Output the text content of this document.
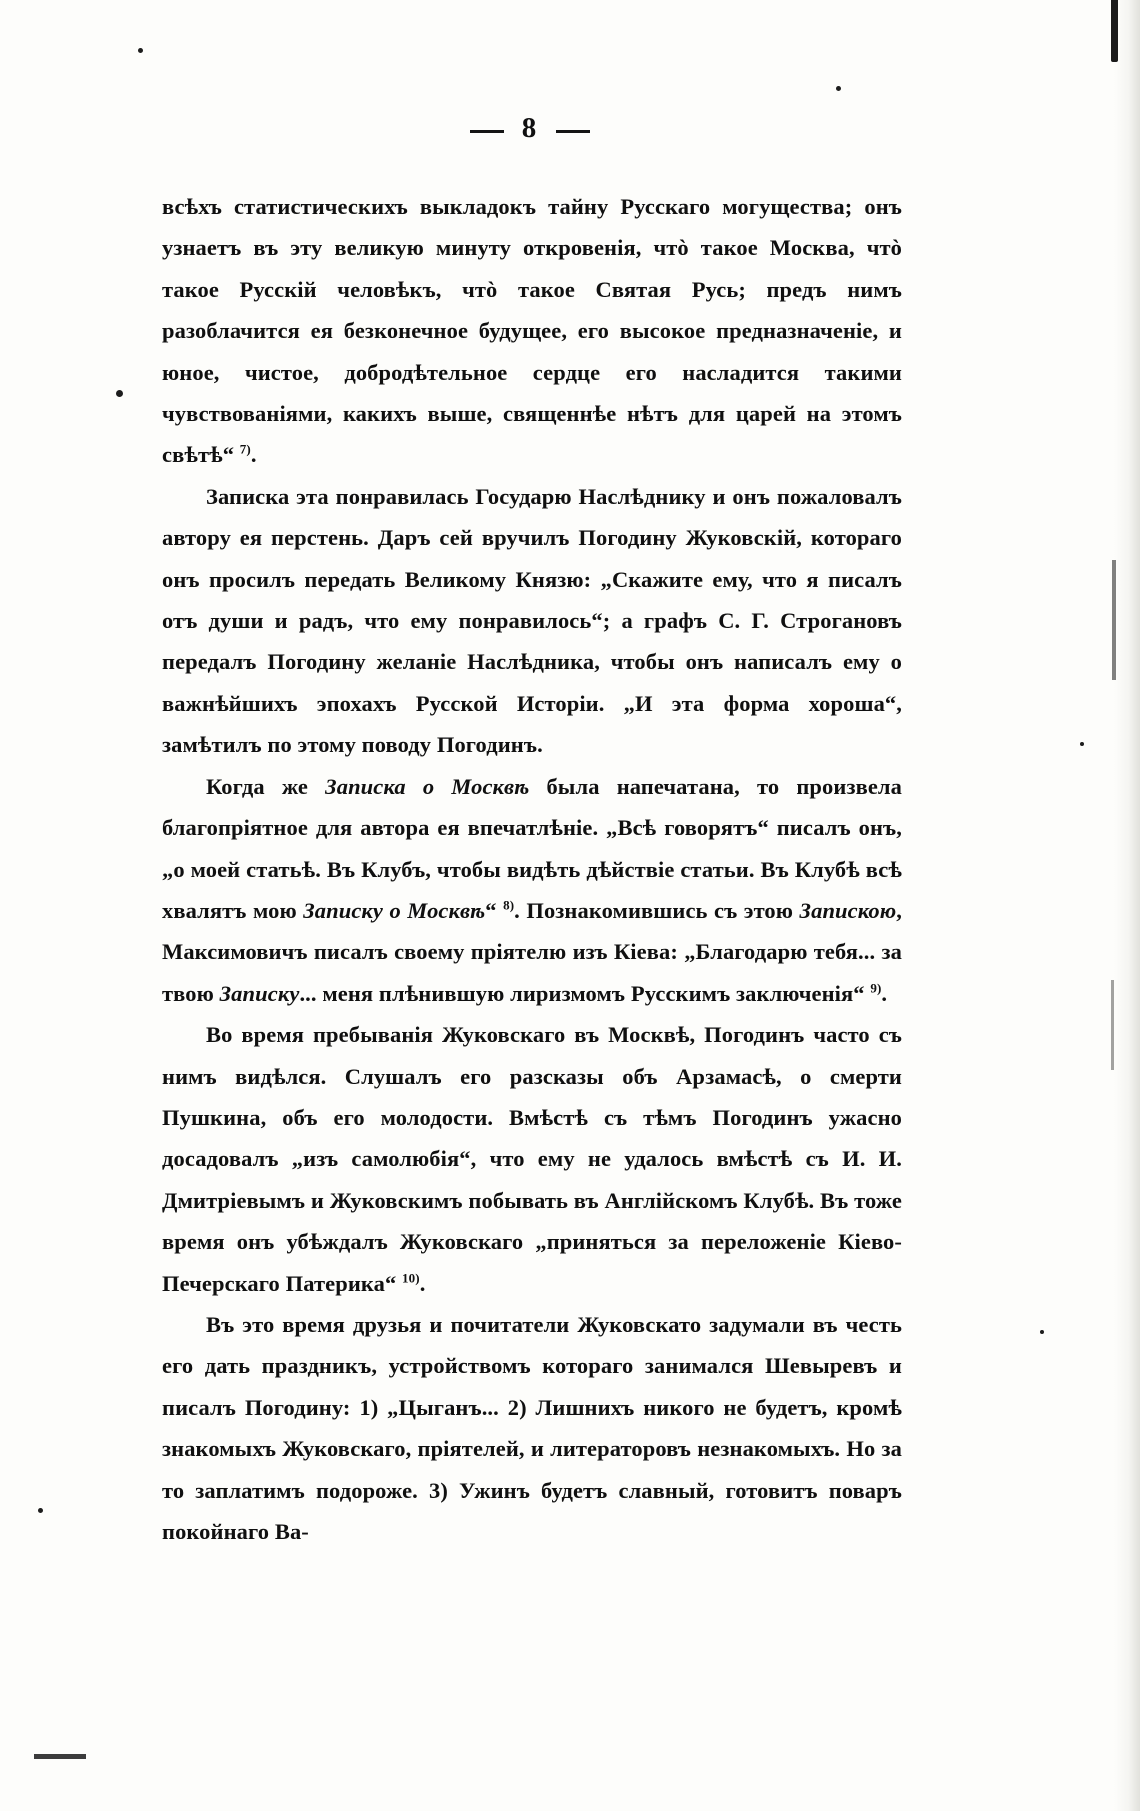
8

всѣхъ статистическихъ выкладокъ тайну Русскаго могущества; онъ узнаетъ въ эту великую минуту откровенія, чтò такое Москва, чтò такое Русскій человѣкъ, чтò такое Святая Русь; предъ нимъ разоблачится ея безконечное будущее, его высокое предназначеніе, и юное, чистое, добродѣтельное сердце его насладится такими чувствованіями, какихъ выше, священнѣе нѣтъ для царей на этомъ свѣтѣ“ $^{7)}$.

Записка эта понравилась Государю Наслѣднику и онъ пожаловалъ автору ея перстень. Даръ сей вручилъ Погодину Жуковскій, котораго онъ просилъ передать Великому Князю: „Скажите ему, что я писалъ отъ души и радъ, что ему понравилось“; а графъ С. Г. Строгановъ передалъ Погодину желаніе Наслѣдника, чтобы онъ написалъ ему о важнѣйшихъ эпохахъ Русской Исторіи. „И эта форма хороша“, замѣтилъ по этому поводу Погодинъ.

Когда же Записка о Москвѣ была напечатана, то произвела благопріятное для автора ея впечатлѣніе. „Всѣ говорятъ“ писалъ онъ, „о моей статьѣ. Въ Клубъ, чтобы видѣть дѣйствіе статьи. Въ Клубѣ всѣ хвалятъ мою Записку о Москвѣ“ $^{8)}$. Познакомившись съ этою Запискою, Максимовичъ писалъ своему пріятелю изъ Кіева: „Благодарю тебя... за твою Записку... меня плѣнившую лиризмомъ Русскимъ заключенія“ $^{9)}$.

Во время пребыванія Жуковскаго въ Москвѣ, Погодинъ часто съ нимъ видѣлся. Слушалъ его разсказы объ Арзамасѣ, о смерти Пушкина, объ его молодости. Вмѣстѣ съ тѣмъ Погодинъ ужасно досадовалъ „изъ самолюбія“, что ему не удалось вмѣстѣ съ И. И. Дмитріевымъ и Жуковскимъ побывать въ Англійскомъ Клубѣ. Въ тоже время онъ убѣждалъ Жуковскаго „приняться за переложеніе Кіево-Печерскаго Патерика“ $^{10)}$.

Въ это время друзья и почитатели Жуковскато задумали въ честь его дать праздникъ, устройствомъ котораго занимался Шевыревъ и писалъ Погодину: 1) „Цыганъ... 2) Лишнихъ никого не будетъ, кромѣ знакомыхъ Жуковскаго, пріятелей, и литераторовъ незнакомыхъ. Но за то заплатимъ подороже. 3) Ужинъ будетъ славный, готовитъ поваръ покойнаго Ва-
